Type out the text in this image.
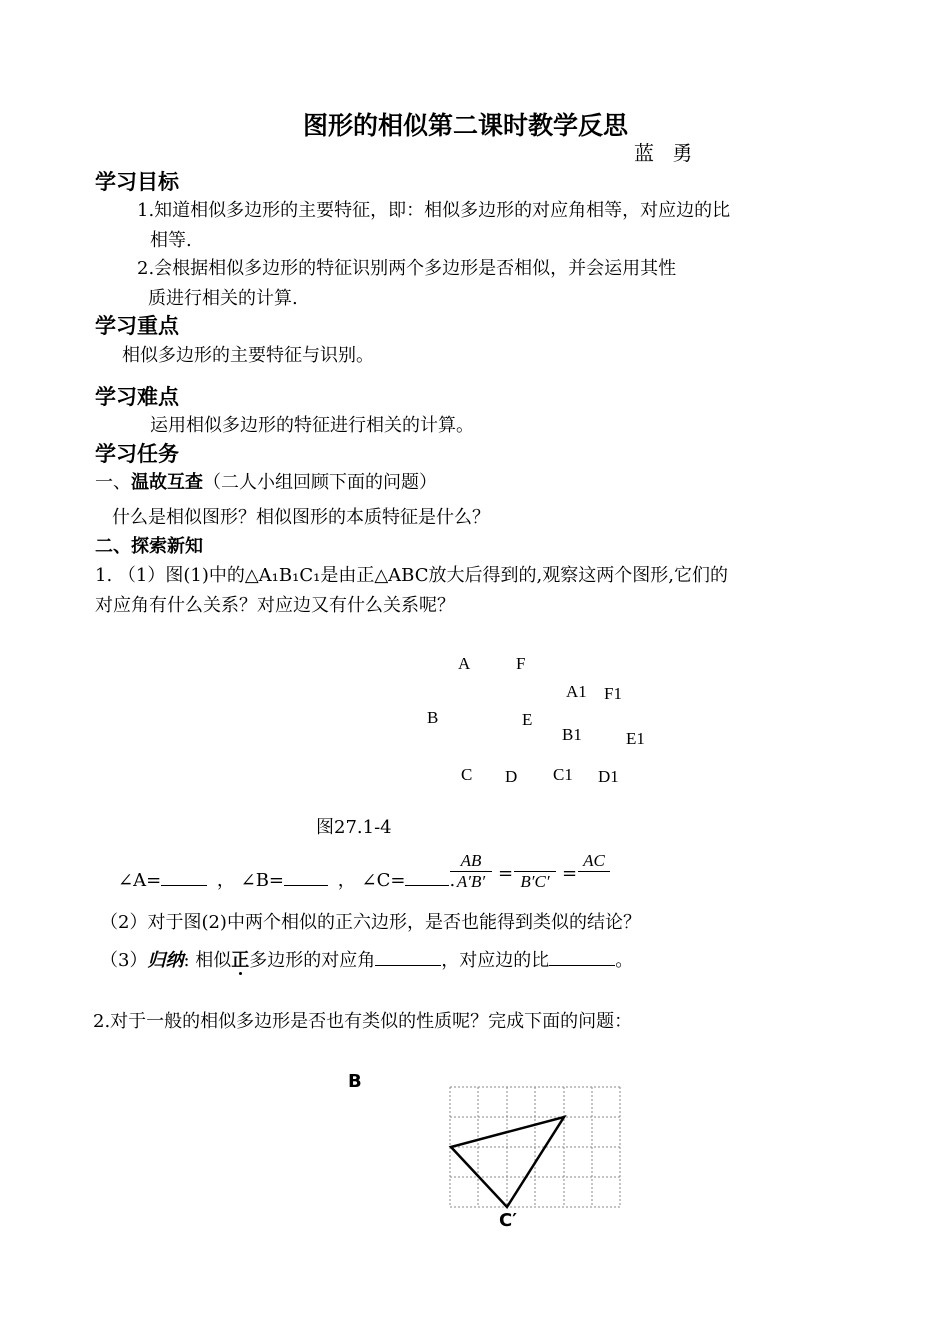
图形的相似第二课时教学反思
蓝 勇
学习目标
1.知道相似多边形的主要特征，即：相似多边形的对应角相等，对应边的比
相等.
2.会根据相似多边形的特征识别两个多边形是否相似，并会运用其性
质进行相关的计算.
学习重点
相似多边形的主要特征与识别。
学习难点
运用相似多边形的特征进行相关的计算。
学习任务
一、温故互查（二人小组回顾下面的问题）
什么是相似图形？相似图形的本质特征是什么？
二、探索新知
1. （1）图(1)中的△A₁B₁C₁是由正△ABC放大后得到的,观察这两个图形,它们的
对应角有什么关系？对应边又有什么关系呢？
A	F
A1 F1
B	E
B1	E1
C D C1 D1
图27.1-4
∠A=	， ∠B=	， ∠C= .
$\frac{AB}{A'B'} = B'C'$ =
AC
（2）对于图(2)中两个相似的正六边形，是否也能得到类似的结论？
（3）归纳: 相似正多边形的对应角	，对应边的比	。
2.对于一般的相似多边形是否也有类似的性质呢？完成下面的问题：
B
C′
